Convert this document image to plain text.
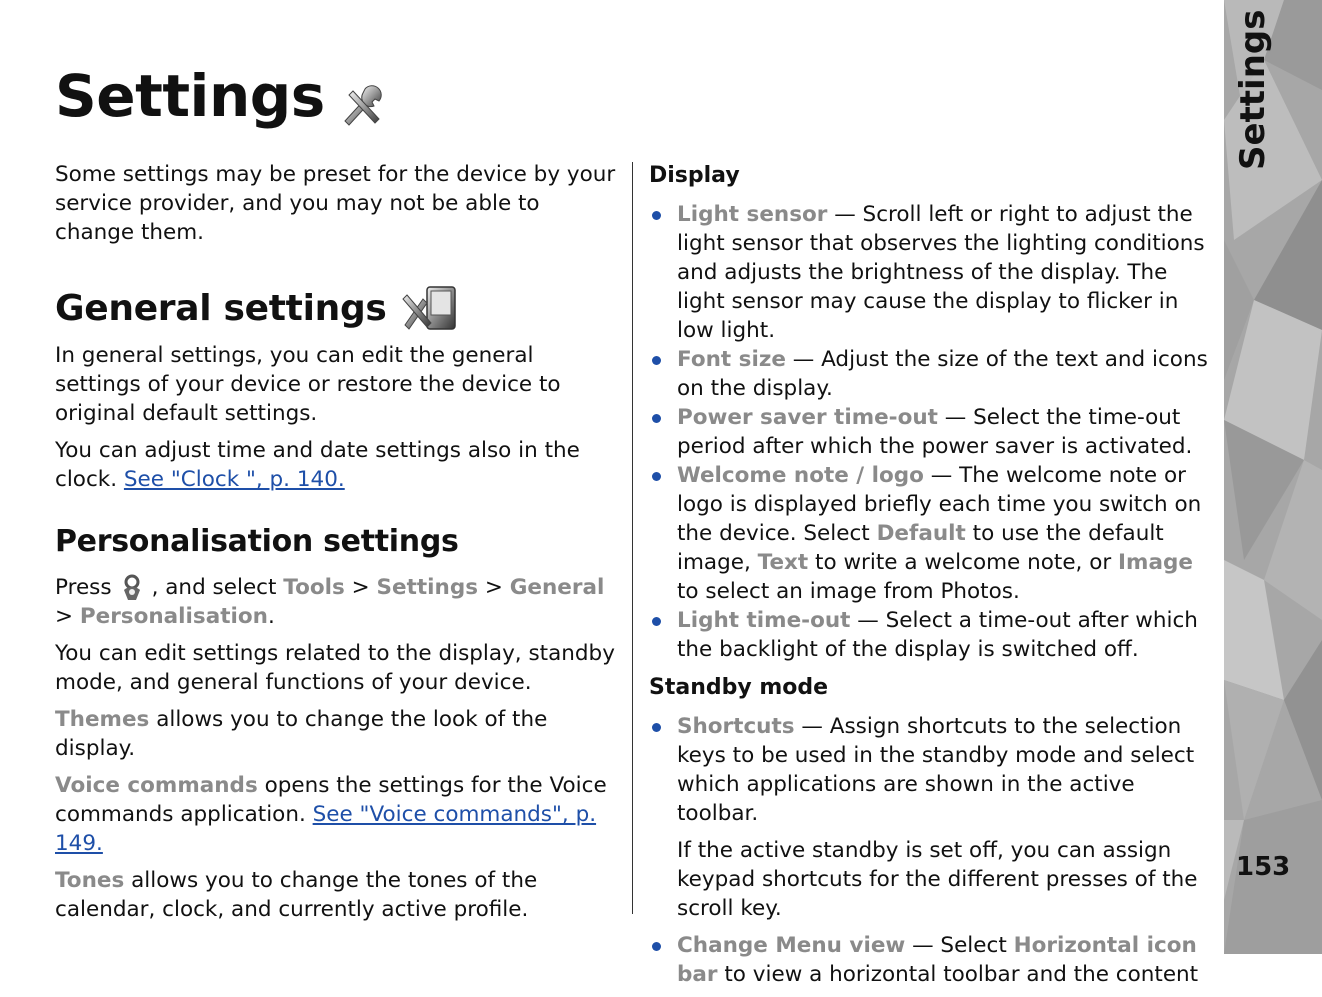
Settings

Some settings may be preset for the device by your service provider, and you may not be able to change them.

General settings

In general settings, you can edit the general settings of your device or restore the device to original default settings.

You can adjust time and date settings also in the clock. See "Clock ", p. 140.

Personalisation settings

Press , and select Tools > Settings > General > Personalisation.

You can edit settings related to the display, standby mode, and general functions of your device.

Themes allows you to change the look of the display.

Voice commands opens the settings for the Voice commands application. See "Voice commands", p. 149.

Tones allows you to change the tones of the calendar, clock, and currently active profile.

Display
Light sensor — Scroll left or right to adjust the light sensor that observes the lighting conditions and adjusts the brightness of the display. The light sensor may cause the display to flicker in low light.
Font size — Adjust the size of the text and icons on the display.
Power saver time-out — Select the time-out period after which the power saver is activated.
Welcome note / logo — The welcome note or logo is displayed briefly each time you switch on the device. Select Default to use the default image, Text to write a welcome note, or Image to select an image from Photos.
Light time-out — Select a time-out after which the backlight of the display is switched off.
Standby mode
Shortcuts — Assign shortcuts to the selection keys to be used in the standby mode and select which applications are shown in the active toolbar.

If the active standby is set off, you can assign keypad shortcuts for the different presses of the scroll key.

Change Menu view — Select Horizontal icon bar to view a horizontal toolbar and the content
Settings
153
